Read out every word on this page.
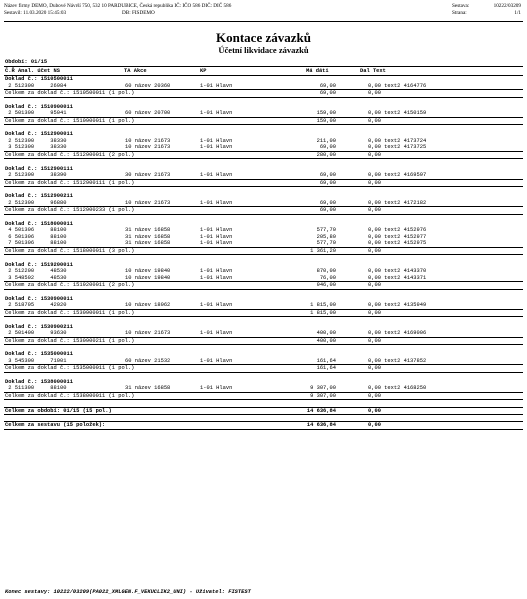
Název firmy DEMO, Dubové Návrší 750, 532 10 PARDUBICE, Česká republika IČ: IČO 586 DIČ: DIČ 586
Sestavil: 11.03.2020 15:45:03	DB: FISDEMO
Sestava:	10222/03209
Strana:	1/1
Kontace závazků
Účetní likvidace závazků
Období: 01/15
Č.Ř Anal. účet NS	TA Akce	KP	Má dáti	Dal Text
Doklad č.: 1510500011
2 512300     26984	60 název 20360	1-01 Hlavn	69,00	0,00 text2 4164776
Celkem za doklad č.: 1510500011 (1 pol.)	69,00	0,00
Doklad č.: 1510900011
2 501300     95041	60 název 20700	1-01 Hlavn	159,00	0,00 text2 4150159
Celkem za doklad č.: 1510900011 (1 pol.)	159,00	0,00
Doklad č.: 1512900011
2 512300     38330	10 název 21673	1-01 Hlavn	211,00	0,00 text2 4173724
3 512300     38330	10 název 21673	1-01 Hlavn	69,00	0,00 text2 4173725
Celkem za doklad č.: 1512900011 (2 pol.)	280,00	0,00
Doklad č.: 1512900111
2 512300     38390	30 název 21673	1-01 Hlavn	69,00	0,00 text2 4169597
Celkem za doklad č.: 1512900111 (1 pol.)	69,00	0,00
Doklad č.: 1512900211
2 512300     96880	10 název 21673	1-01 Hlavn	69,00	0,00 text2 4172182
Celkem za doklad č.: 1512900233 (1 pol.)	69,00	0,00
Doklad č.: 1518000011
4 501306     88100	31 název 16858	1-01 Hlavn	577,70	0,00 text2 4152976
6 501306     88100	31 název 16858	1-01 Hlavn	205,80	0,00 text2 4152977
7 501306     88100	31 název 16858	1-01 Hlavn	577,70	0,00 text2 4152975
Celkem za doklad č.: 1518000011 (3 pol.)	1 361,20	0,00
Doklad č.: 1519200011
2 512200     48530	10 název 19840	1-01 Hlavn	870,00	0,00 text2 4143370
3 548502     48530	10 název 19840	1-01 Hlavn	76,00	0,00 text2 4143371
Celkem za doklad č.: 1519200011 (2 pol.)	946,00	0,00
Doklad č.: 1530900011
2 518705     42020	10 název 18062	1-01 Hlavn	1 815,00	0,00 text2 4135949
Celkem za doklad č.: 1530900011 (1 pol.)	1 815,00	0,00
Doklad č.: 1530900211
2 501400     93630	10 název 21673	1-01 Hlavn	400,00	0,00 text2 4169006
Celkem za doklad č.: 1530900211 (1 pol.)	400,00	0,00
Doklad č.: 1535000011
3 545300     71001	60 název 21532	1-01 Hlavn	161,64	0,00 text2 4137852
Celkem za doklad č.: 1535000011 (1 pol.)	161,64	0,00
Doklad č.: 1538000011
2 511300     88100	31 název 16858	1-01 Hlavn	9 307,00	0,00 text2 4168250
Celkem za doklad č.: 1538000011 (1 pol.)	9 307,00	0,00
Celkem za období: 01/15 (15 pol.)	14 636,84	0,00
Celkem za sestavu (15 položek):	14 636,84	0,00
Konec sestavy: 10222/03209(PA022_XMLGEN.F_VEKUCLIK2_UNI) - Uživatel: FISTEST
